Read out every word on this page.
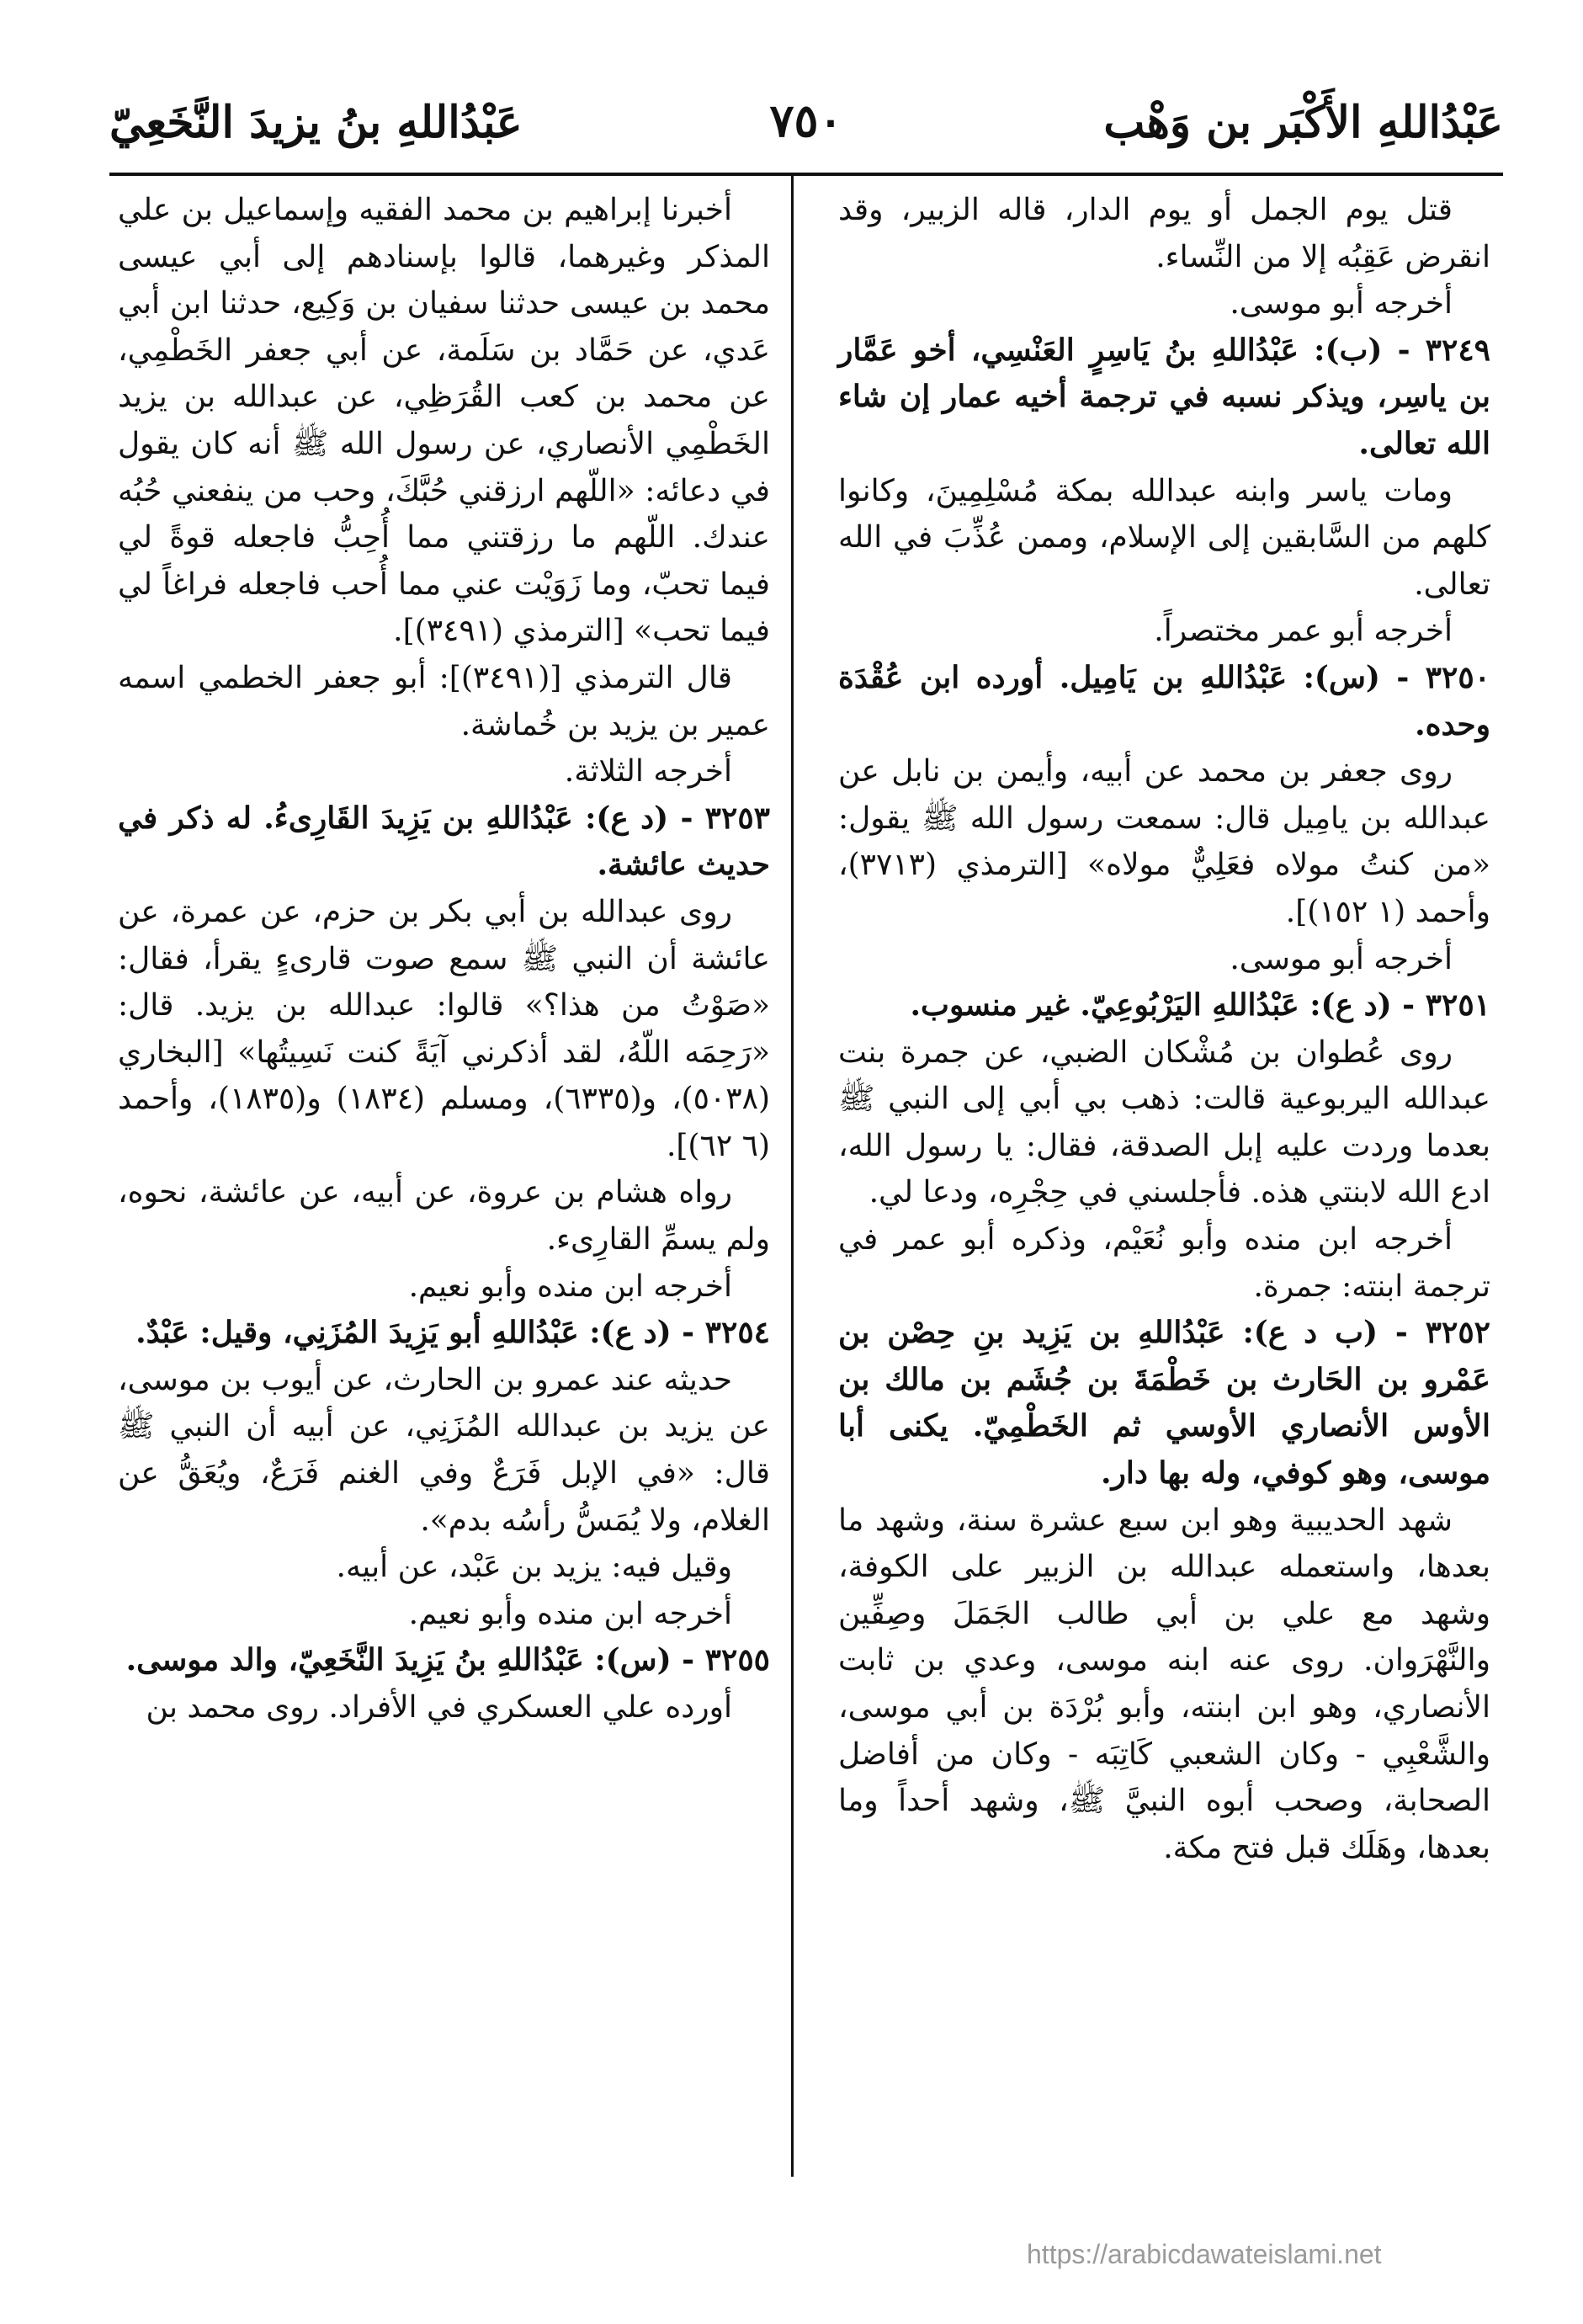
عَبْدُاللهِ الأَكْبَر بن وَهْب
٧٥٠
عَبْدُاللهِ بنُ يزيدَ النَّخَعِيّ

قتل يوم الجمل أو يوم الدار، قاله الزبير، وقد انقرض عَقِبُه إلا من النِّساء.

أخرجه أبو موسى.

٣٢٤٩ - (ب): عَبْدُاللهِ بنُ يَاسِرٍ العَنْسِي، أخو عَمَّار بن ياسِر، ويذكر نسبه في ترجمة أخيه عمار إن شاء الله تعالى.

ومات ياسر وابنه عبدالله بمكة مُسْلِمِينَ، وكانوا كلهم من السَّابقين إلى الإسلام، وممن عُذِّبَ في الله تعالى.

أخرجه أبو عمر مختصراً.

٣٢٥٠ - (س): عَبْدُاللهِ بن يَامِيل. أورده ابن عُقْدَة وحده.

روى جعفر بن محمد عن أبيه، وأيمن بن نابل عن عبدالله بن يامِيل قال: سمعت رسول الله ﷺ يقول: «من كنتُ مولاه فعَلِيٌّ مولاه» [الترمذي (٣٧١٣)، وأحمد (١ ١٥٢)].

أخرجه أبو موسى.

٣٢٥١ - (د ع): عَبْدُاللهِ اليَرْبُوعِيّ. غير منسوب.

روى عُطوان بن مُشْكان الضبي، عن جمرة بنت عبدالله اليربوعية قالت: ذهب بي أبي إلى النبي ﷺ بعدما وردت عليه إبل الصدقة، فقال: يا رسول الله، ادع الله لابنتي هذه. فأجلسني في حِجْرِه، ودعا لي.

أخرجه ابن منده وأبو نُعَيْم، وذكره أبو عمر في ترجمة ابنته: جمرة.

٣٢٥٢ - (ب د ع): عَبْدُاللهِ بن يَزِيد بنِ حِصْن بن عَمْرو بن الحَارث بن خَطْمَةَ بن جُشَم بن مالك بن الأوس الأنصاري الأوسي ثم الخَطْمِيّ. يكنى أبا موسى، وهو كوفي، وله بها دار.

شهد الحديبية وهو ابن سبع عشرة سنة، وشهد ما بعدها، واستعمله عبدالله بن الزبير على الكوفة، وشهد مع علي بن أبي طالب الجَمَلَ وصِفِّين والنَّهْرَوان. روى عنه ابنه موسى، وعدي بن ثابت الأنصاري، وهو ابن ابنته، وأبو بُرْدَة بن أبي موسى، والشَّعْبِي - وكان الشعبي كَاتِبَه - وكان من أفاضل الصحابة، وصحب أبوه النبيَّ ﷺ، وشهد أحداً وما بعدها، وهَلَك قبل فتح مكة.

أخبرنا إبراهيم بن محمد الفقيه وإسماعيل بن علي المذكر وغيرهما، قالوا بإسنادهم إلى أبي عيسى محمد بن عيسى حدثنا سفيان بن وَكِيع، حدثنا ابن أبي عَدي، عن حَمَّاد بن سَلَمة، عن أبي جعفر الخَطْمِي، عن محمد بن كعب القُرَظِي، عن عبدالله بن يزيد الخَطْمِي الأنصاري، عن رسول الله ﷺ أنه كان يقول في دعائه: «اللّهم ارزقني حُبَّكَ، وحب من ينفعني حُبُه عندك. اللّهم ما رزقتني مما أُحِبُّ فاجعله قوةً لي فيما تحبّ، وما زَوَيْت عني مما أُحب فاجعله فراغاً لي فيما تحب» [الترمذي (٣٤٩١)].

قال الترمذي [(٣٤٩١)]: أبو جعفر الخطمي اسمه عمير بن يزيد بن خُماشة.

أخرجه الثلاثة.

٣٢٥٣ - (د ع): عَبْدُاللهِ بن يَزِيدَ القَارِىءُ. له ذكر في حديث عائشة.

روى عبدالله بن أبي بكر بن حزم، عن عمرة، عن عائشة أن النبي ﷺ سمع صوت قارىءٍ يقرأ، فقال: «صَوْتُ من هذا؟» قالوا: عبدالله بن يزيد. قال: «رَحِمَه اللّهُ، لقد أذكرني آيَةً كنت نَسِيتُها» [البخاري (٥٠٣٨)، و(٦٣٣٥)، ومسلم (١٨٣٤) و(١٨٣٥)، وأحمد (٦ ٦٢)].

رواه هشام بن عروة، عن أبيه، عن عائشة، نحوه، ولم يسمِّ القارِىء.

أخرجه ابن منده وأبو نعيم.

٣٢٥٤ - (د ع): عَبْدُاللهِ أبو يَزِيدَ المُزَنِي، وقيل: عَبْدٌ.

حديثه عند عمرو بن الحارث، عن أيوب بن موسى، عن يزيد بن عبدالله المُزَنِي، عن أبيه أن النبي ﷺ قال: «في الإبل فَرَعٌ وفي الغنم فَرَعٌ، ويُعَقُّ عن الغلام، ولا يُمَسُّ رأسُه بدم».

وقيل فيه: يزيد بن عَبْد، عن أبيه.

أخرجه ابن منده وأبو نعيم.

٣٢٥٥ - (س): عَبْدُاللهِ بنُ يَزِيدَ النَّخَعِيّ، والد موسى.

أورده علي العسكري في الأفراد. روى محمد بن

https://arabicdawateislami.net
